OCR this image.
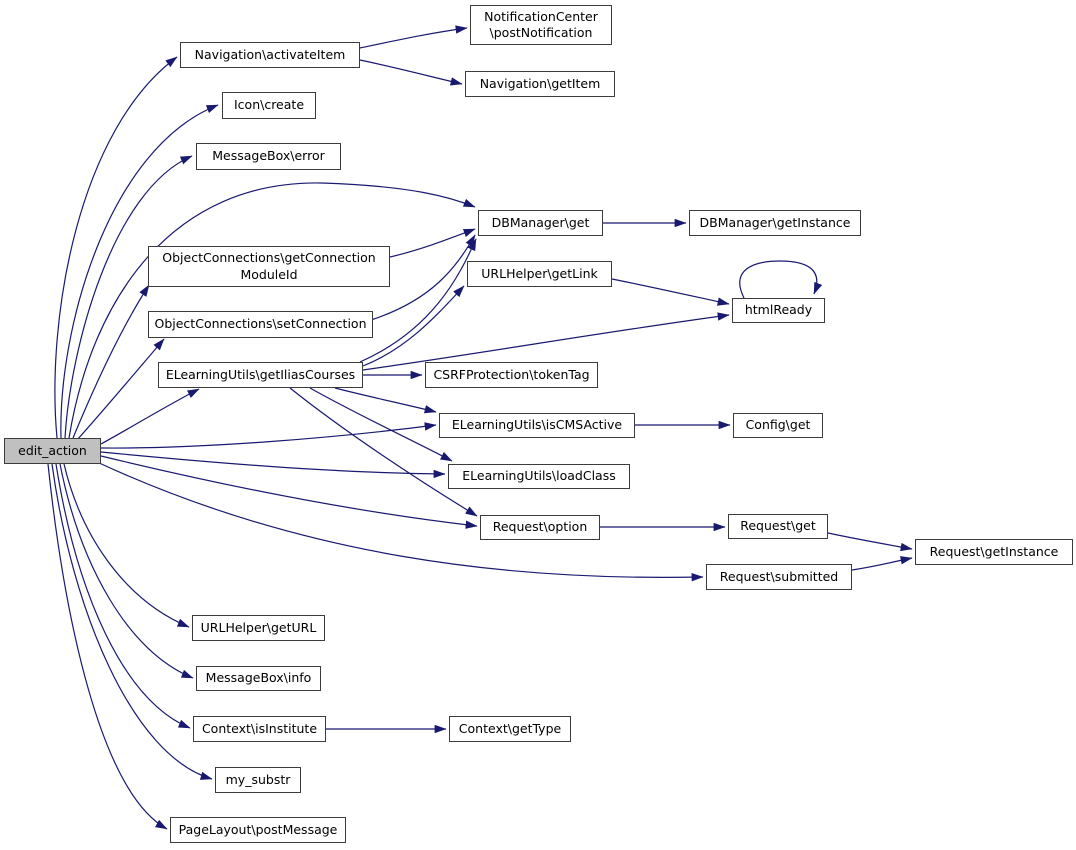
edit_action
Navigation\activateItem
NotificationCenter
\postNotification
Navigation\getItem
Icon\create
MessageBox\error
DBManager\get	DBManager\getInstance
ObjectConnections\getConnection
ModuleId	URLHelper\getLink
htmlReady
ObjectConnections\setConnection
ELearningUtils\getIliasCourses	CSRFProtection\tokenTag
ELearningUtils\isCMSActive	Config\get
ELearningUtils\loadClass
Request\option	Request\get
Request\getInstance
Request\submitted
URLHelper\getURL
MessageBox\info
Context\isInstitute	Context\getType
my_substr
PageLayout\postMessage
